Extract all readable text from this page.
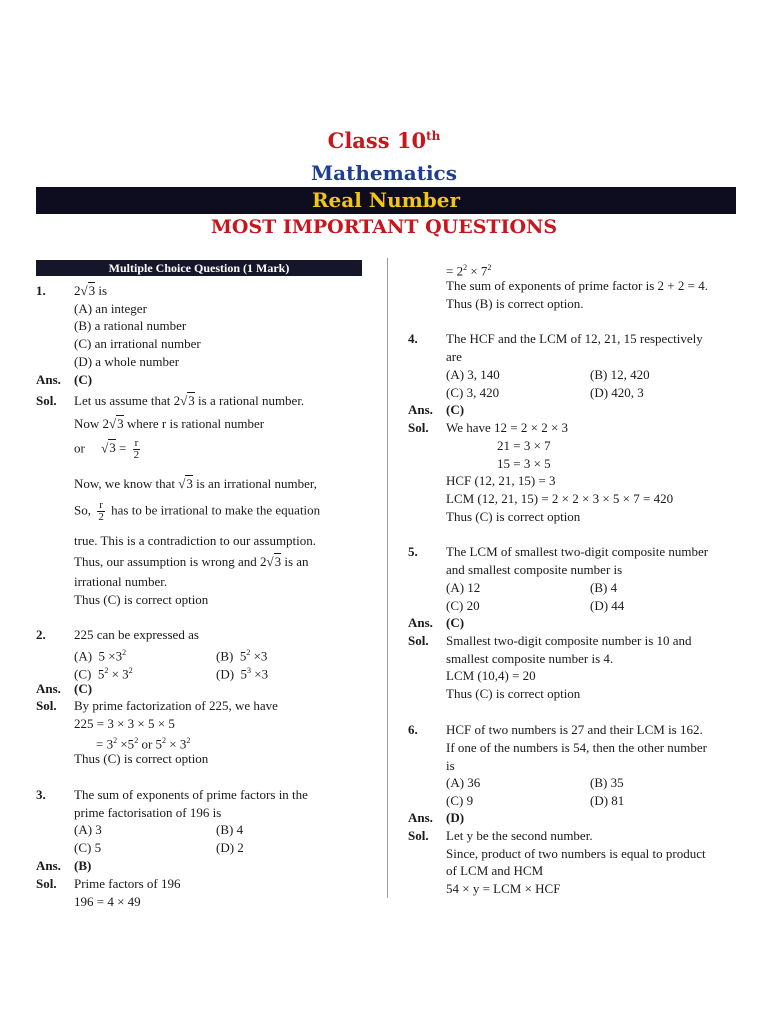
Class 10th
Mathematics
Real Number
MOST IMPORTANT QUESTIONS
Multiple Choice Question (1 Mark)
1. 2√3 is
(A) an integer
(B) a rational number
(C) an irrational number
(D) a whole number
Ans. (C)
Sol. Let us assume that 2√3 is a rational number.
Now 2√3 where r is rational number
or     $√3 = \frac{r}{2}$
Now, we know that √3 is an irrational number,
So, $\frac{r}{2}$ has to be irrational to make the equation
true. This is a contradiction to our assumption.
Thus, our assumption is wrong and 2√3 is an
irrational number.
Thus (C) is correct option
2. 225 can be expressed as
(A)  $5 \times 3^2$	(B)  $5^2 \times 3$
(C)  $5^2 \times 3^2$	(D)  $5^3 \times 3$
Ans. (C)
Sol. By prime factorization of 225, we have
225 = 3 × 3 × 5 × 5
= $3^2 \times 5^2$ or $5^2 \times 3^2$
Thus (C) is correct option
3. The sum of exponents of prime factors in the
prime factorisation of 196 is
(A) 3	(B) 4
(C) 5	(D) 2
Ans. (B)
Sol. Prime factors of 196
196 = 4 × 49
= $2^2 \times 7^2$
The sum of exponents of prime factor is 2 + 2 = 4.
Thus (B) is correct option.
4. The HCF and the LCM of 12, 21, 15 respectively
are
(A) 3, 140	(B) 12, 420
(C) 3, 420	(D) 420, 3
Ans. (C)
Sol. We have 12 = 2 × 2 × 3
21 = 3 × 7
15 = 3 × 5
HCF (12, 21, 15) = 3
LCM (12, 21, 15) = 2 × 2 × 3 × 5 × 7 = 420
Thus (C) is correct option
5. The LCM of smallest two-digit composite number
and smallest composite number is
(A) 12	(B) 4
(C) 20	(D) 44
Ans. (C)
Sol. Smallest two-digit composite number is 10 and
smallest composite number is 4.
LCM (10,4) = 20
Thus (C) is correct option
6. HCF of two numbers is 27 and their LCM is 162.
If one of the numbers is 54, then the other number
is
(A) 36	(B) 35
(C) 9	(D) 81
Ans. (D)
Sol. Let y be the second number.
Since, product of two numbers is equal to product
of LCM and HCM
54 × y = LCM × HCF
